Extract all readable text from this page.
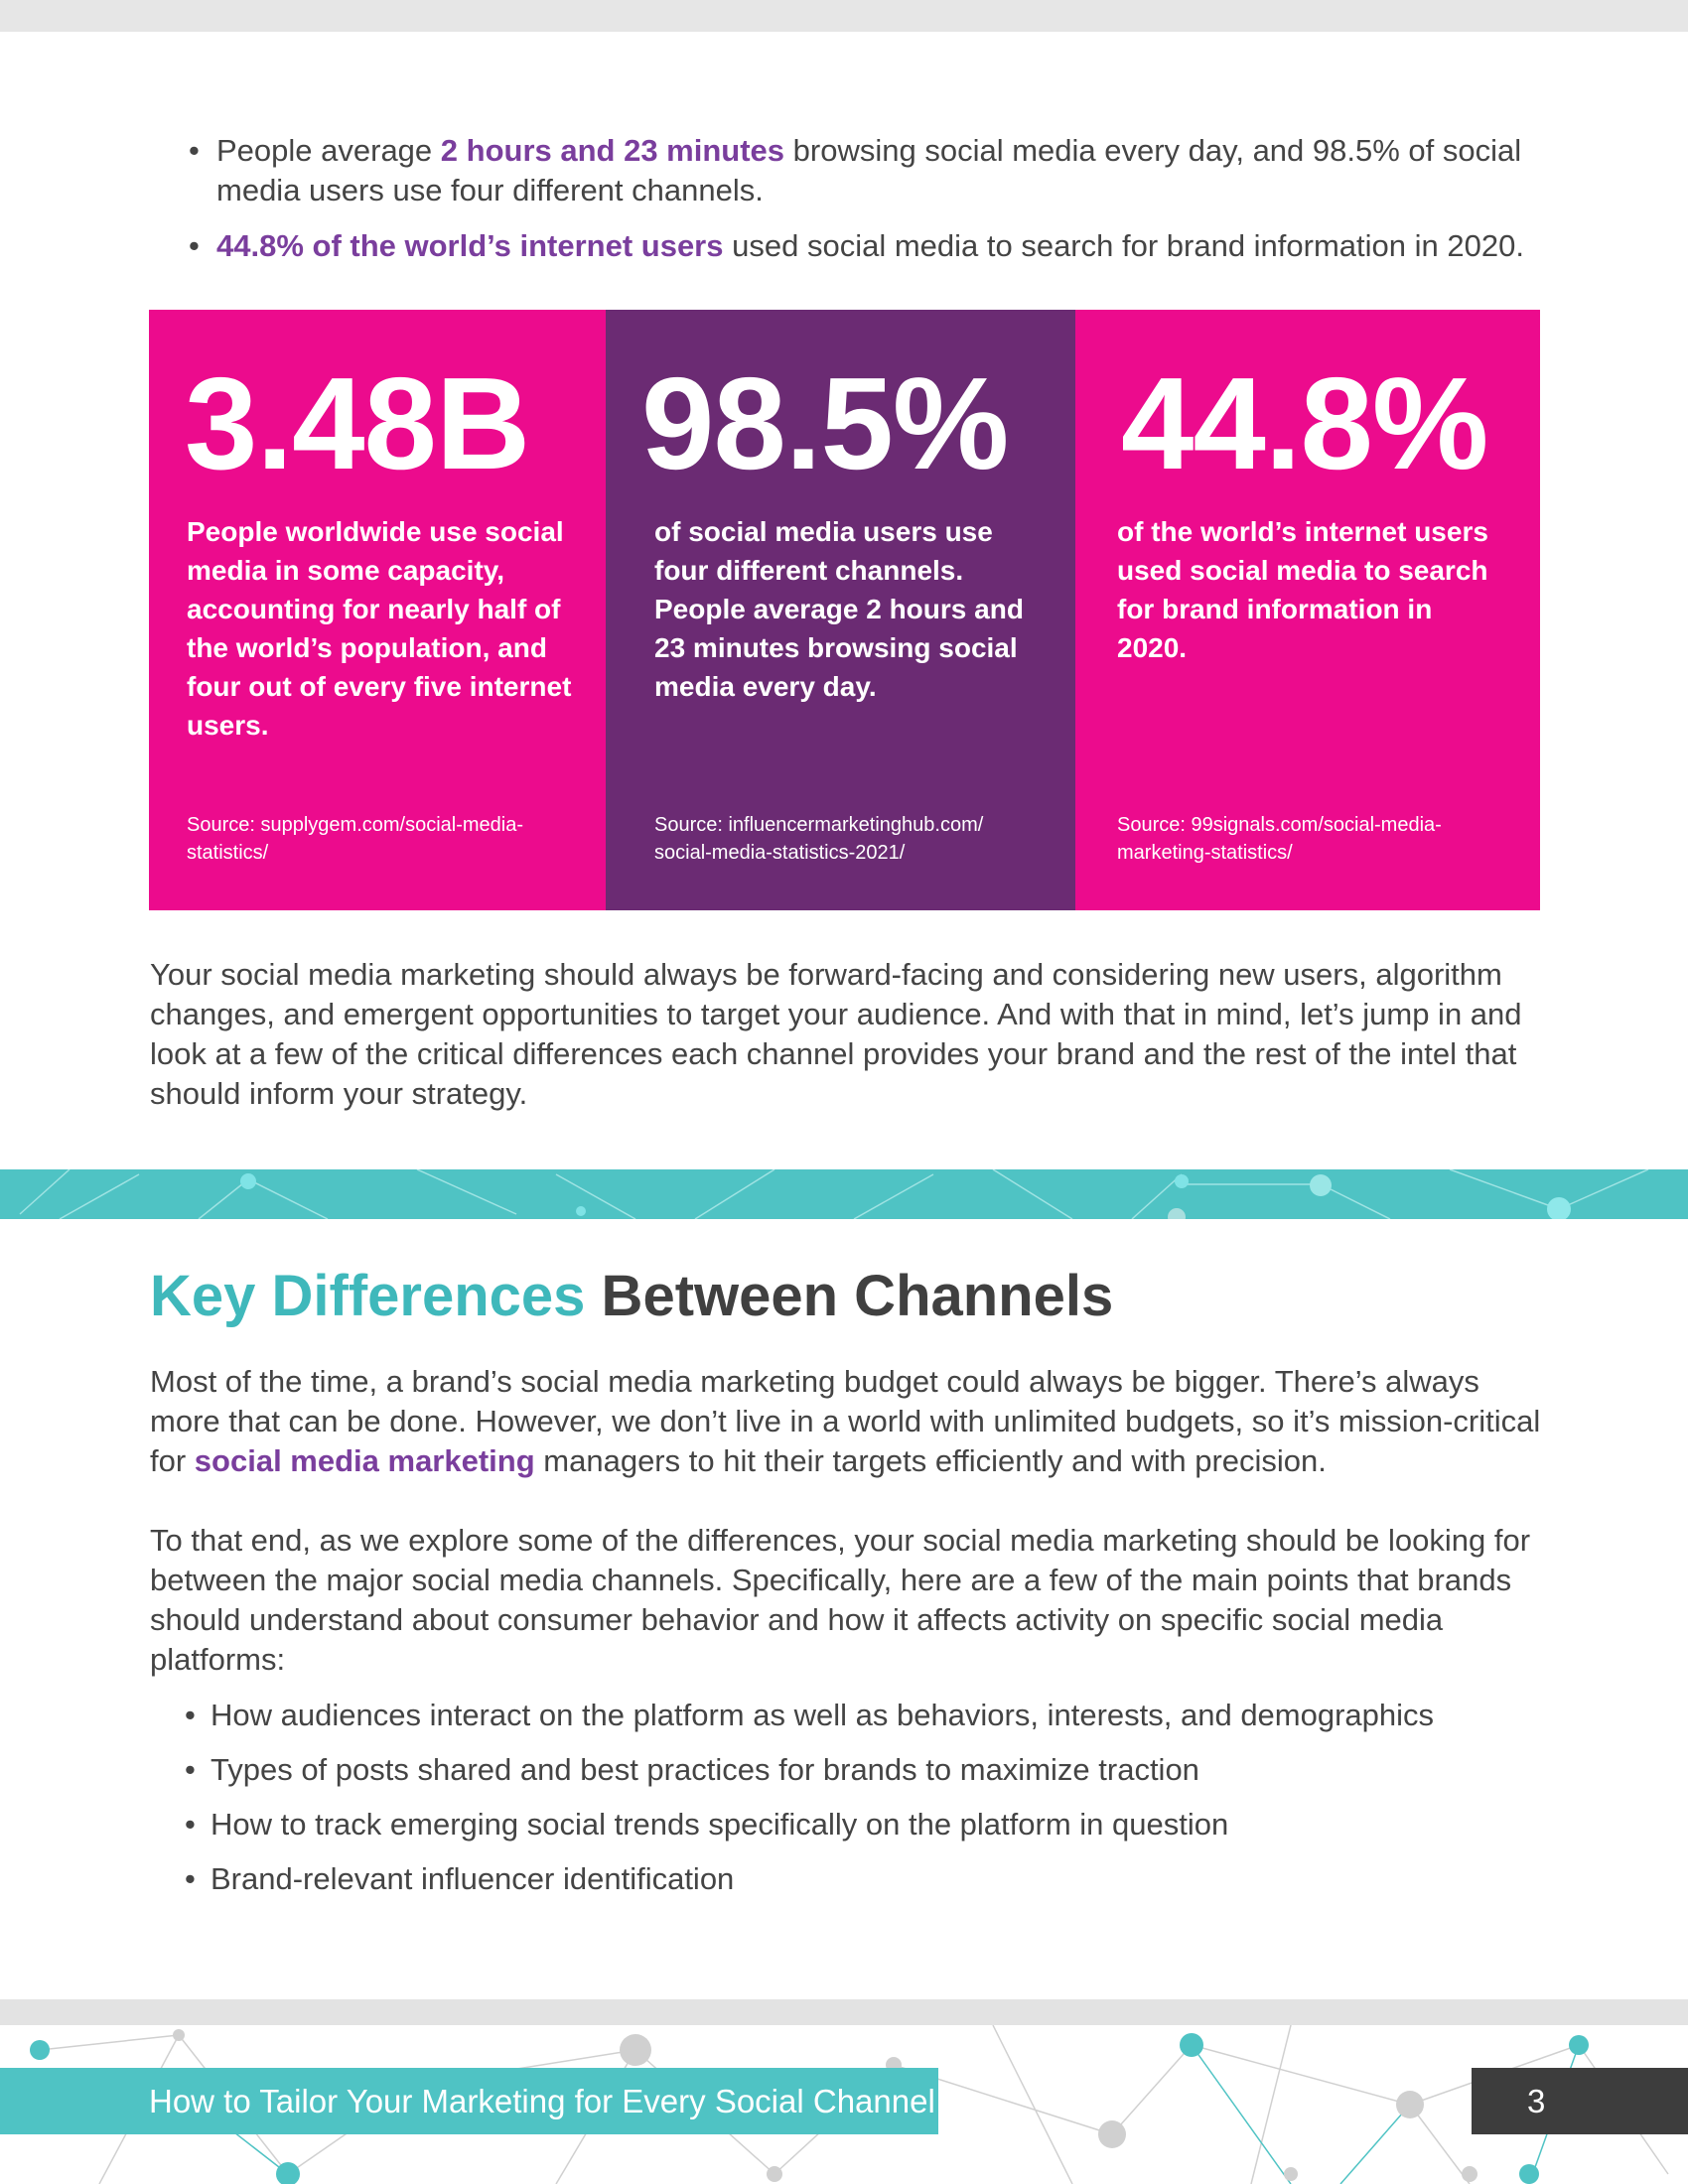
• People average 2 hours and 23 minutes browsing social media every day, and 98.5% of social media users use four different channels.
• 44.8% of the world’s internet users used social media to search for brand information in 2020.
3.48B
People worldwide use social media in some capacity, accounting for nearly half of the world’s population, and four out of every five internet users.
Source: supplygem.com/social-media-
statistics/
98.5%
of social media users use four different channels. People average 2 hours and 23 minutes browsing social media every day.
Source: influencermarketinghub.com/
social-media-statistics-2021/
44.8%
of the world’s internet users used social media to search for brand information in 2020.
Source: 99signals.com/social-media-
marketing-statistics/

Your social media marketing should always be forward-facing and considering new users, algorithm changes, and emergent opportunities to target your audience. And with that in mind, let’s jump in and look at a few of the critical differences each channel provides your brand and the rest of the intel that should inform your strategy.

Key Differences Between Channels

Most of the time, a brand’s social media marketing budget could always be bigger. There’s always more that can be done. However, we don’t live in a world with unlimited budgets, so it’s mission-critical for social media marketing managers to hit their targets efficiently and with precision.

To that end, as we explore some of the differences, your social media marketing should be looking for between the major social media channels. Specifically, here are a few of the main points that brands should understand about consumer behavior and how it affects activity on specific social media platforms:

• How audiences interact on the platform as well as behaviors, interests, and demographics
• Types of posts shared and best practices for brands to maximize traction
• How to track emerging social trends specifically on the platform in question
• Brand-relevant influencer identification
How to Tailor Your Marketing for Every Social Channel	3
